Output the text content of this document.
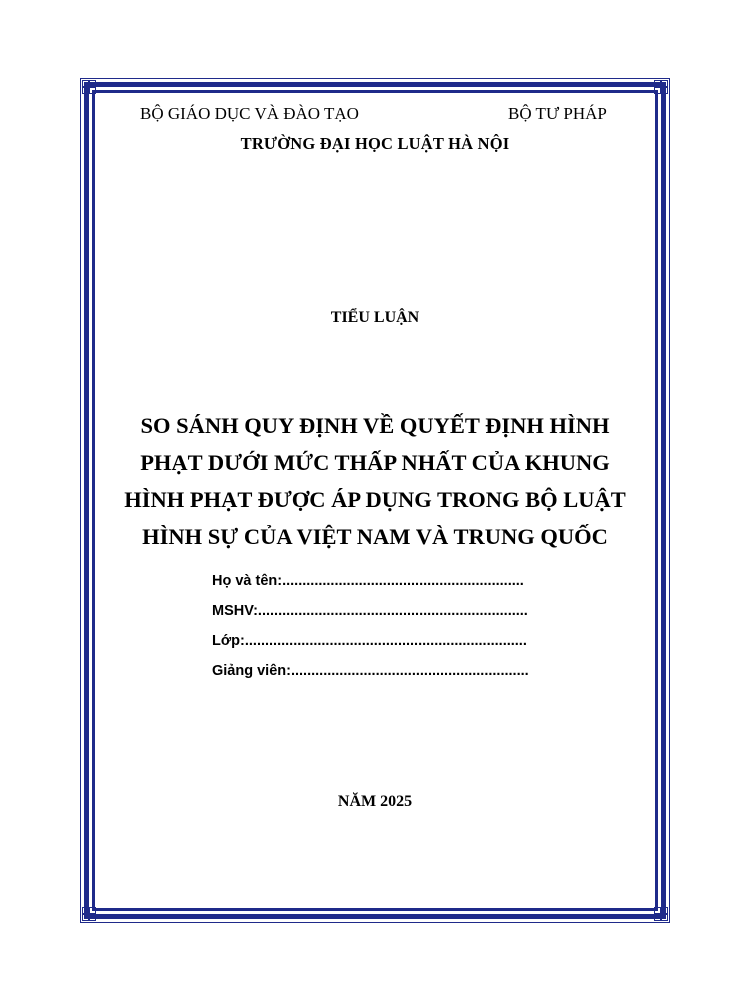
BỘ GIÁO DỤC VÀ ĐÀO TẠO	BỘ TƯ PHÁP
TRƯỜNG ĐẠI HỌC LUẬT HÀ NỘI
TIỂU LUẬN
SO SÁNH QUY ĐỊNH VỀ QUYẾT ĐỊNH HÌNH
PHẠT DƯỚI MỨC THẤP NHẤT CỦA KHUNG
HÌNH PHẠT ĐƯỢC ÁP DỤNG TRONG BỘ LUẬT
HÌNH SỰ CỦA VIỆT NAM VÀ TRUNG QUỐC
Họ và tên: ............................................................
MSHV: ...................................................................
Lớp: ......................................................................
Giảng viên: ...........................................................
NĂM 2025
